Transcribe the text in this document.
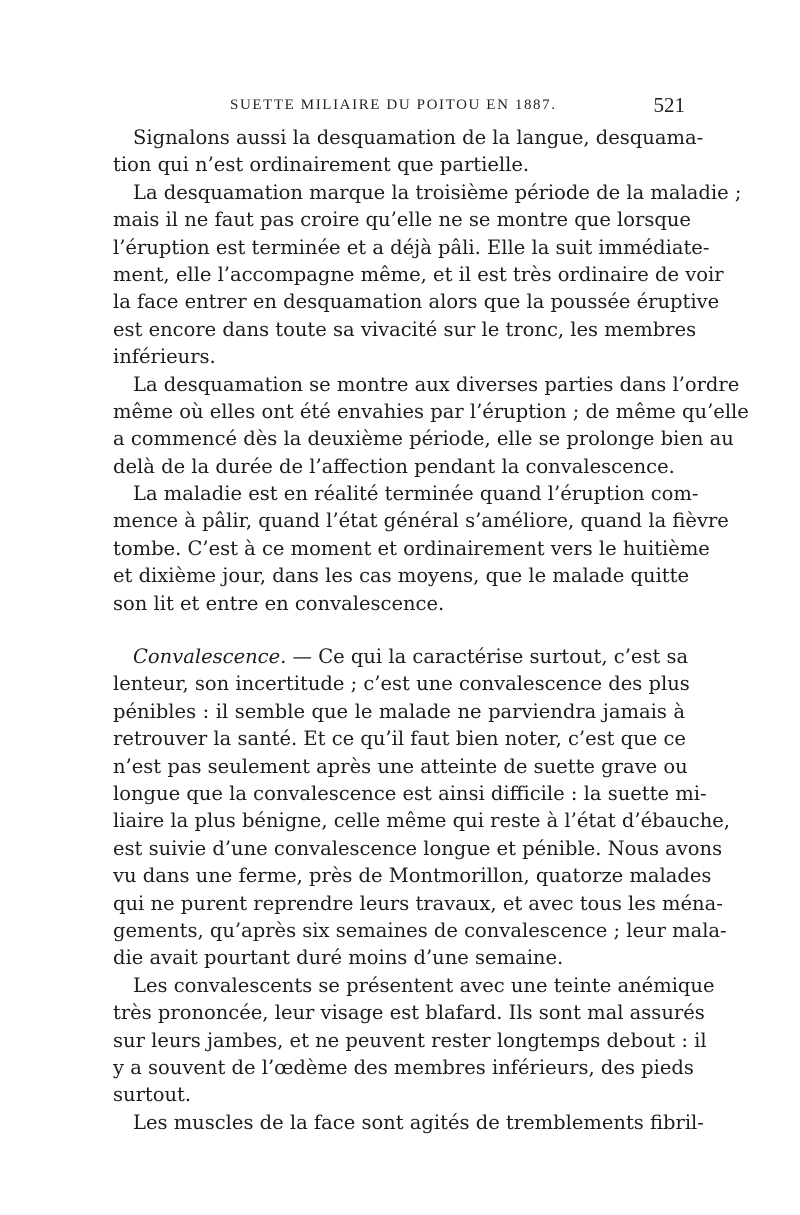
SUETTE MILIAIRE DU POITOU EN 1887.	521
Signalons aussi la desquamation de la langue, desquama-
tion qui n’est ordinairement que partielle.
La desquamation marque la troisième période de la maladie ;
mais il ne faut pas croire qu’elle ne se montre que lorsque
l’éruption est terminée et a déjà pâli. Elle la suit immédiate-
ment, elle l’accompagne même, et il est très ordinaire de voir
la face entrer en desquamation alors que la poussée éruptive
est encore dans toute sa vivacité sur le tronc, les membres
inférieurs.
La desquamation se montre aux diverses parties dans l’ordre
même où elles ont été envahies par l’éruption ; de même qu’elle
a commencé dès la deuxième période, elle se prolonge bien au
delà de la durée de l’affection pendant la convalescence.
La maladie est en réalité terminée quand l’éruption com-
mence à pâlir, quand l’état général s’améliore, quand la fièvre
tombe. C’est à ce moment et ordinairement vers le huitième
et dixième jour, dans les cas moyens, que le malade quitte
son lit et entre en convalescence.
Convalescence. — Ce qui la caractérise surtout, c’est sa
lenteur, son incertitude ; c’est une convalescence des plus
pénibles : il semble que le malade ne parviendra jamais à
retrouver la santé. Et ce qu’il faut bien noter, c’est que ce
n’est pas seulement après une atteinte de suette grave ou
longue que la convalescence est ainsi difficile : la suette mi-
liaire la plus bénigne, celle même qui reste à l’état d’ébauche,
est suivie d’une convalescence longue et pénible. Nous avons
vu dans une ferme, près de Montmorillon, quatorze malades
qui ne purent reprendre leurs travaux, et avec tous les ména-
gements, qu’après six semaines de convalescence ; leur mala-
die avait pourtant duré moins d’une semaine.
Les convalescents se présentent avec une teinte anémique
très prononcée, leur visage est blafard. Ils sont mal assurés
sur leurs jambes, et ne peuvent rester longtemps debout : il
y a souvent de l’œdème des membres inférieurs, des pieds
surtout.
Les muscles de la face sont agités de tremblements fibril-
